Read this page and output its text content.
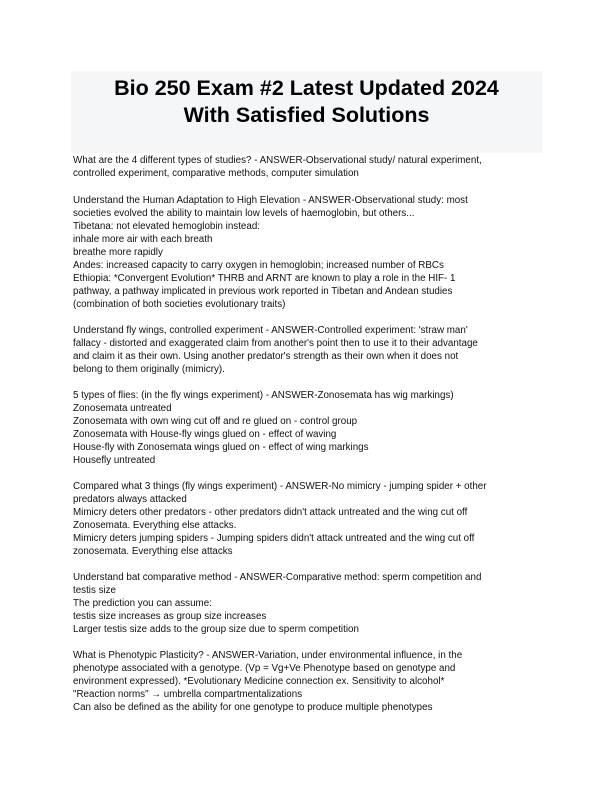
Bio 250 Exam #2 Latest Updated 2024
With Satisfied Solutions
What are the 4 different types of studies? - ANSWER-Observational study/ natural experiment,
controlled experiment, comparative methods, computer simulation
Understand the Human Adaptation to High Elevation - ANSWER-Observational study: most
societies evolved the ability to maintain low levels of haemoglobin, but others...
Tibetana: not elevated hemoglobin instead:
inhale more air with each breath
breathe more rapidly
Andes: increased capacity to carry oxygen in hemoglobin; increased number of RBCs
Ethiopia: *Convergent Evolution* THRB and ARNT are known to play a role in the HIF- 1
pathway, a pathway implicated in previous work reported in Tibetan and Andean studies
(combination of both societies evolutionary traits)
Understand fly wings, controlled experiment - ANSWER-Controlled experiment: 'straw man'
fallacy - distorted and exaggerated claim from another's point then to use it to their advantage
and claim it as their own. Using another predator's strength as their own when it does not
belong to them originally (mimicry).
5 types of flies: (in the fly wings experiment) - ANSWER-Zonosemata has wig markings)
Zonosemata untreated
Zonosemata with own wing cut off and re glued on - control group
Zonosemata with House-fly wings glued on - effect of waving
House-fly with Zonosemata wings glued on - effect of wing markings
Housefly untreated
Compared what 3 things (fly wings experiment) - ANSWER-No mimicry - jumping spider + other
predators always attacked
Mimicry deters other predators - other predators didn't attack untreated and the wing cut off
Zonosemata. Everything else attacks.
Mimicry deters jumping spiders - Jumping spiders didn't attack untreated and the wing cut off
zonosemata. Everything else attacks
Understand bat comparative method - ANSWER-Comparative method: sperm competition and
testis size
The prediction you can assume:
testis size increases as group size increases
Larger testis size adds to the group size due to sperm competition
What is Phenotypic Plasticity? - ANSWER-Variation, under environmental influence, in the
phenotype associated with a genotype. (Vp = Vg+Ve Phenotype based on genotype and
environment expressed). *Evolutionary Medicine connection ex. Sensitivity to alcohol*
"Reaction norms" → umbrella compartmentalizations
Can also be defined as the ability for one genotype to produce multiple phenotypes
